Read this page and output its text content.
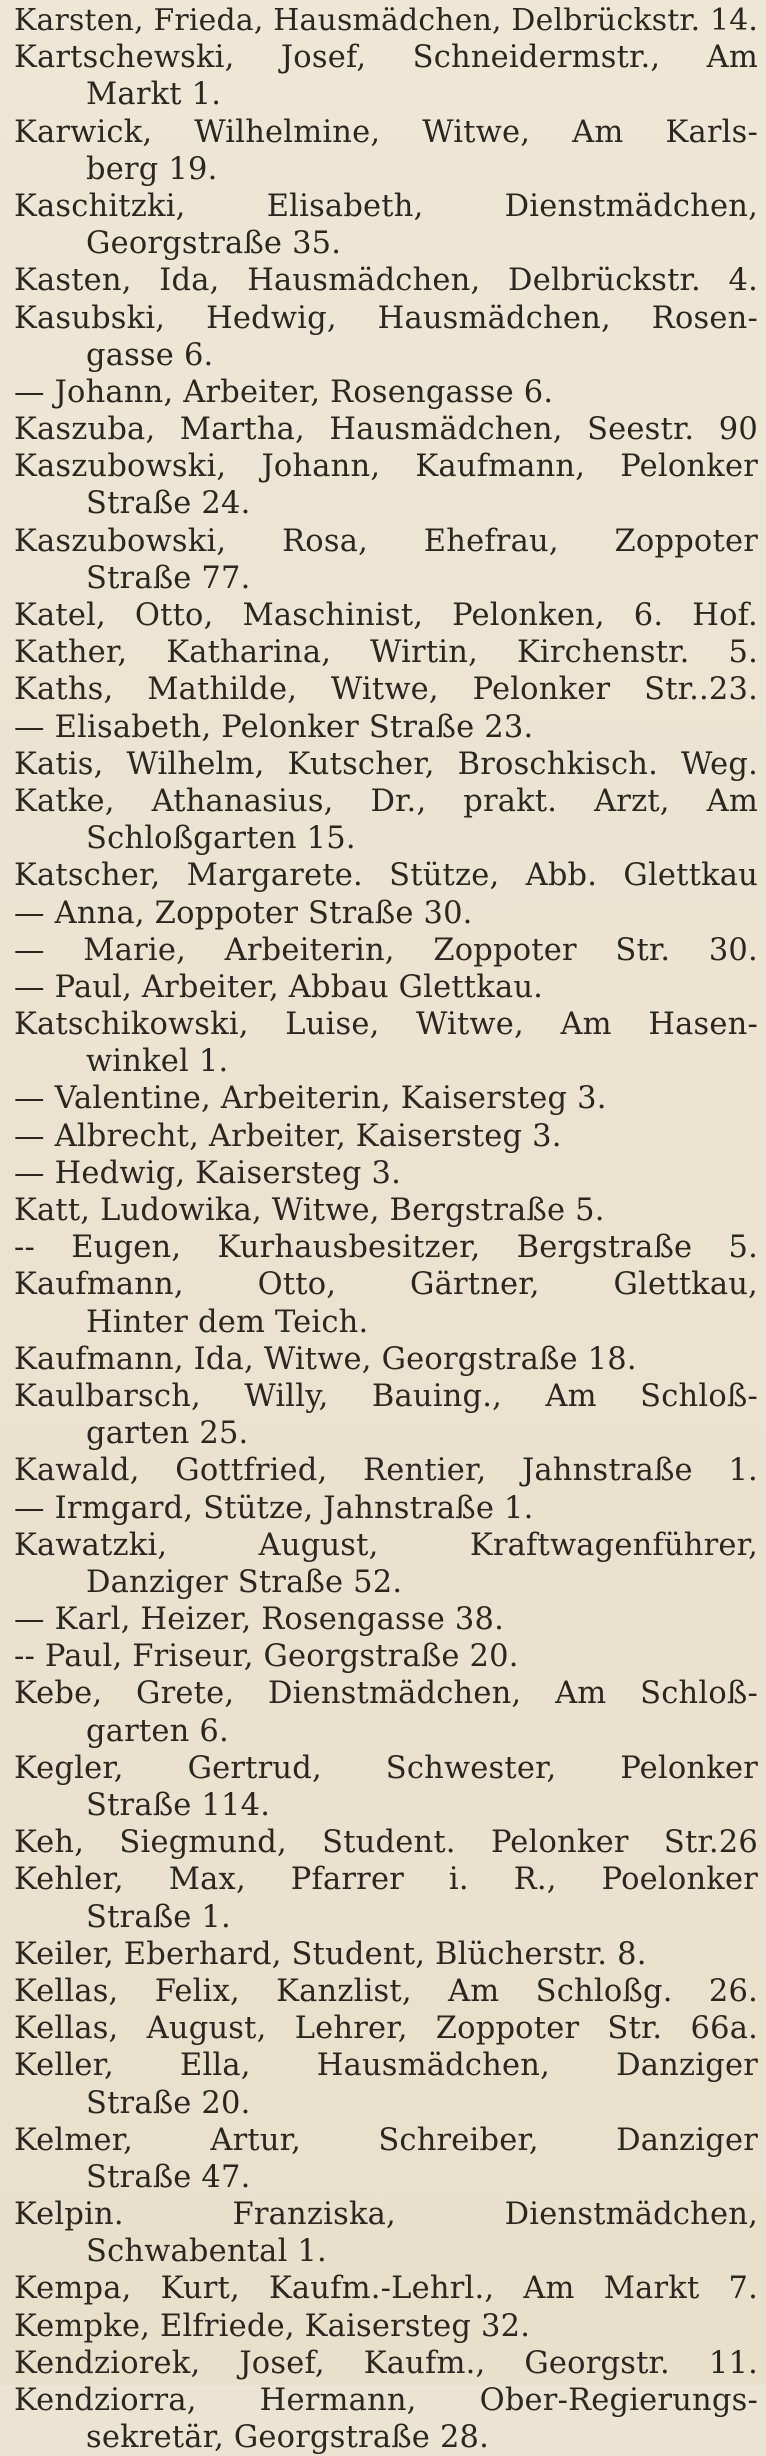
Karsten, Frieda, Hausmädchen, Delbrückstr. 14.
Kartschewski, Josef, Schneidermstr., Am
Markt 1.
Karwick, Wilhelmine, Witwe, Am Karls-
berg 19.
Kaschitzki,	Elisabeth,	Dienstmädchen,
Georgstraße 35.
Kasten, Ida, Hausmädchen, Delbrückstr. 4.
Kasubski, Hedwig, Hausmädchen, Rosen-
gasse 6.
— Johann, Arbeiter, Rosengasse 6.
Kaszuba, Martha, Hausmädchen, Seestr. 90
Kaszubowski, Johann, Kaufmann, Pelonker
Straße 24.
Kaszubowski, Rosa, Ehefrau, Zoppoter
Straße 77.
Katel, Otto, Maschinist, Pelonken, 6. Hof.
Kather, Katharina, Wirtin, Kirchenstr. 5.
Kaths, Mathilde, Witwe, Pelonker Str..23.
— Elisabeth, Pelonker Straße 23.
Katis, Wilhelm, Kutscher, Broschkisch. Weg.
Katke, Athanasius, Dr., prakt. Arzt, Am
Schloßgarten 15.
Katscher, Margarete. Stütze, Abb. Glettkau
— Anna, Zoppoter Straße 30.
— Marie, Arbeiterin, Zoppoter Str. 30.
— Paul, Arbeiter, Abbau Glettkau.
Katschikowski, Luise, Witwe, Am Hasen-
winkel 1.
— Valentine, Arbeiterin, Kaisersteg 3.
— Albrecht, Arbeiter, Kaisersteg 3.
— Hedwig, Kaisersteg 3.
Katt, Ludowika, Witwe, Bergstraße 5.
-- Eugen, Kurhausbesitzer, Bergstraße 5.
Kaufmann, Otto, Gärtner, Glettkau,
Hinter dem Teich.
Kaufmann, Ida, Witwe, Georgstraße 18.
Kaulbarsch, Willy, Bauing., Am Schloß-
garten 25.
Kawald, Gottfried, Rentier, Jahnstraße 1.
— Irmgard, Stütze, Jahnstraße 1.
Kawatzki,	August,	Kraftwagenführer,
Danziger Straße 52.
— Karl, Heizer, Rosengasse 38.
-- Paul, Friseur, Georgstraße 20.
Kebe, Grete, Dienstmädchen, Am Schloß-
garten 6.
Kegler, Gertrud, Schwester, Pelonker
Straße 114.
Keh, Siegmund, Student. Pelonker Str.26
Kehler, Max, Pfarrer i. R., Poelonker
Straße 1.
Keiler, Eberhard, Student, Blücherstr. 8.
Kellas, Felix, Kanzlist, Am Schloßg. 26.
Kellas, August, Lehrer, Zoppoter Str. 66a.
Keller, Ella, Hausmädchen, Danziger
Straße 20.
Kelmer,	Artur,	Schreiber,	Danziger
Straße 47.
Kelpin.	Franziska,	Dienstmädchen,
Schwabental 1.
Kempa, Kurt, Kaufm.-Lehrl., Am Markt 7.
Kempke, Elfriede, Kaisersteg 32.
Kendziorek, Josef, Kaufm., Georgstr. 11.
Kendziorra, Hermann, Ober-Regierungs-
sekretär, Georgstraße 28.
